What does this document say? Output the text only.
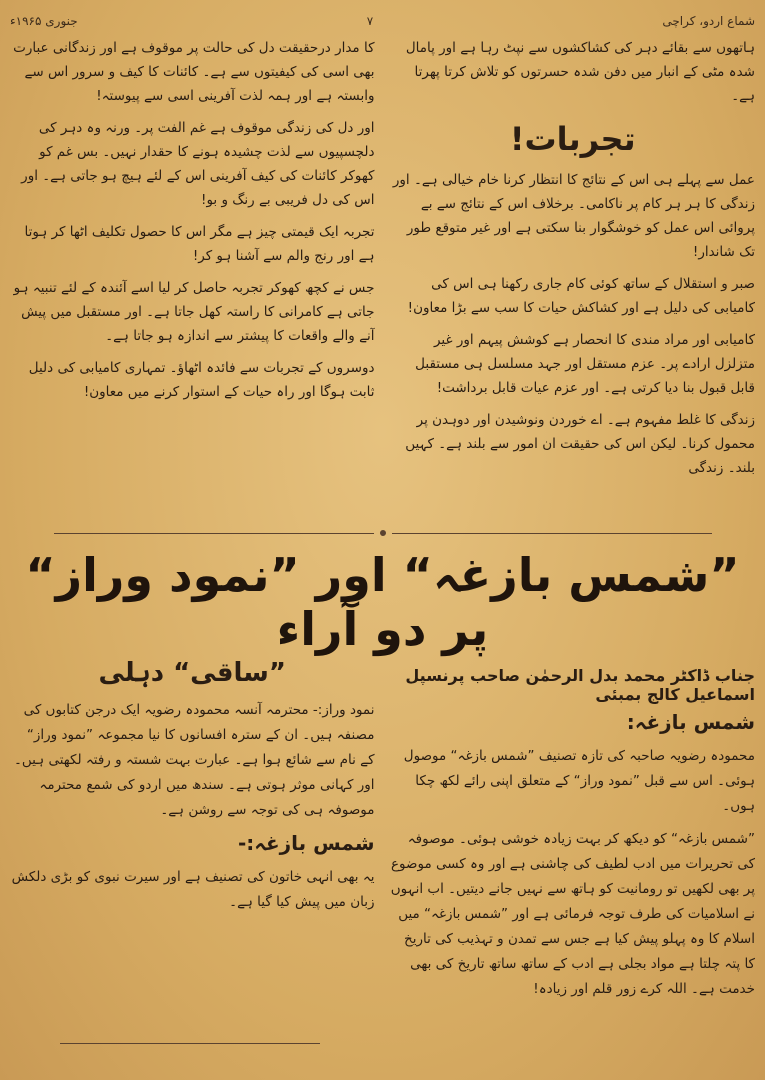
جنوری ۱۹۶۵ء	۷	شماع اردو، کراچی

ہاتھوں سے بقائے دہر کی کشاکشوں سے نپٹ رہا ہے اور پامال شدہ مٹی کے انبار میں دفن شدہ حسرتوں کو تلاش کرتا پھرتا ہے۔

تجربات!

عمل سے پہلے ہی اس کے نتائج کا انتظار کرنا خام خیالی ہے۔ اور زندگی کا ہر ہر کام پر ناکامی۔ برخلاف اس کے نتائج سے بے پروائی اس عمل کو خوشگوار بنا سکتی ہے اور غیر متوقع طور تک شاندار!

صبر و استقلال کے ساتھ کوئی کام جاری رکھنا ہی اس کی کامیابی کی دلیل ہے اور کشاکش حیات کا سب سے بڑا معاون!

کامیابی اور مراد مندی کا انحصار ہے کوشش پیہم اور غیر متزلزل ارادے پر۔ عزم مستقل اور جہد مسلسل ہی مستقبل قابل قبول بنا دیا کرتی ہے۔ اور عزم عیات قابل برداشت!

زندگی کا غلط مفہوم ہے۔ اے خوردن ونوشیدن اور دوہدن پر محمول کرنا۔ لیکن اس کی حقیقت ان امور سے بلند ہے۔ کہیں بلند۔ زندگی

کا مدار درحقیقت دل کی حالت پر موقوف ہے اور زندگانی عبارت بھی اسی کی کیفیتوں سے ہے۔ کائنات کا کیف و سرور اس سے وابستہ ہے اور ہمہ لذت آفرینی اسی سے پیوستہ!

اور دل کی زندگی موقوف ہے غم الفت پر۔ ورنہ وہ دہر کی دلچسپیوں سے لذت چشیدہ ہونے کا حقدار نہیں۔ بس غم کو کھوکر کائنات کی کیف آفرینی اس کے لئے ہیچ ہو جاتی ہے۔ اور اس کی دل فریبی بے رنگ و بو!

تجربہ ایک قیمتی چیز ہے مگر اس کا حصول تکلیف اٹھا کر ہوتا ہے اور رنج والم سے آشنا ہو کر!

جس نے کچھ کھوکر تجربہ حاصل کر لیا اسے آئندہ کے لئے تنبیہ ہو جاتی ہے کامرانی کا راستہ کھل جاتا ہے۔ اور مستقبل میں پیش آنے والے واقعات کا پیشتر سے اندازہ ہو جاتا ہے۔

دوسروں کے تجربات سے فائدہ اٹھاؤ۔ تمہاری کامیابی کی دلیل ثابت ہوگا اور راہ حیات کے استوار کرنے میں معاون!

”شمس بازغہ“ اور ”نمود وراز“ پر دو آراء
جناب ڈاکٹر محمد بدل الرحمٰن صاحب پرنسپل اسماعیل کالج بمبئی
شمس بازغہ:

محمودہ رضویہ صاحبہ کی تازہ تصنیف ”شمس بازغہ“ موصول ہوئی۔ اس سے قبل ”نمود وراز“ کے متعلق اپنی رائے لکھ چکا ہوں۔

”شمس بازغہ“ کو دیکھ کر بہت زیادہ خوشی ہوئی۔ موصوفہ کی تحریرات میں ادب لطیف کی چاشنی ہے اور وہ کسی موضوع پر بھی لکھیں تو رومانیت کو ہاتھ سے نہیں جانے دیتیں۔ اب انہوں نے اسلامیات کی طرف توجہ فرمائی ہے اور ”شمس بازغہ“ میں اسلام کا وہ پہلو پیش کیا ہے جس سے تمدن و تہذیب کی تاریخ کا پتہ چلتا ہے مواد بجلی ہے ادب کے ساتھ ساتھ تاریخ کی بھی خدمت ہے۔ اللہ کرے زور قلم اور زیادہ!

”ساقی“ دہلی

نمود وراز:- محترمہ آنسہ محمودہ رضویہ ایک درجن کتابوں کی مصنفہ ہیں۔ ان کے سترہ افسانوں کا نیا مجموعہ ”نمود وراز“ کے نام سے شائع ہوا ہے۔ عبارت بہت شستہ و رفتہ لکھتی ہیں۔ اور کہانی موثر ہوتی ہے۔ سندھ میں اردو کی شمع محترمہ موصوفہ ہی کی توجہ سے روشن ہے۔

شمس بازغہ:-

یہ بھی انہی خاتون کی تصنیف ہے اور سیرت نبوی کو بڑی دلکش زبان میں پیش کیا گیا ہے۔
